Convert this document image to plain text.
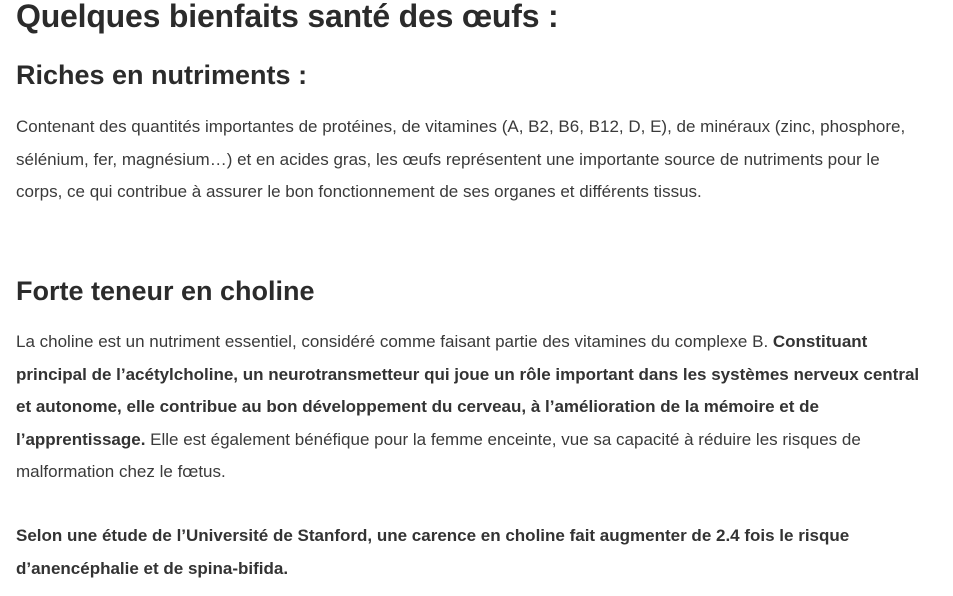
Quelques bienfaits santé des œufs :
Riches en nutriments :

Contenant des quantités importantes de protéines, de vitamines (A, B2, B6, B12, D, E), de minéraux (zinc, phosphore, sélénium, fer, magnésium…) et en acides gras, les œufs représentent une importante source de nutriments pour le corps, ce qui contribue à assurer le bon fonctionnement de ses organes et différents tissus.

Forte teneur en choline

La choline est un nutriment essentiel, considéré comme faisant partie des vitamines du complexe B. Constituant principal de l’acétylcholine, un neurotransmetteur qui joue un rôle important dans les systèmes nerveux central et autonome, elle contribue au bon développement du cerveau, à l’amélioration de la mémoire et de l’apprentissage. Elle est également bénéfique pour la femme enceinte, vue sa capacité à réduire les risques de malformation chez le fœtus.

Selon une étude de l’Université de Stanford, une carence en choline fait augmenter de 2.4 fois le risque d’anencéphalie et de spina-bifida.
